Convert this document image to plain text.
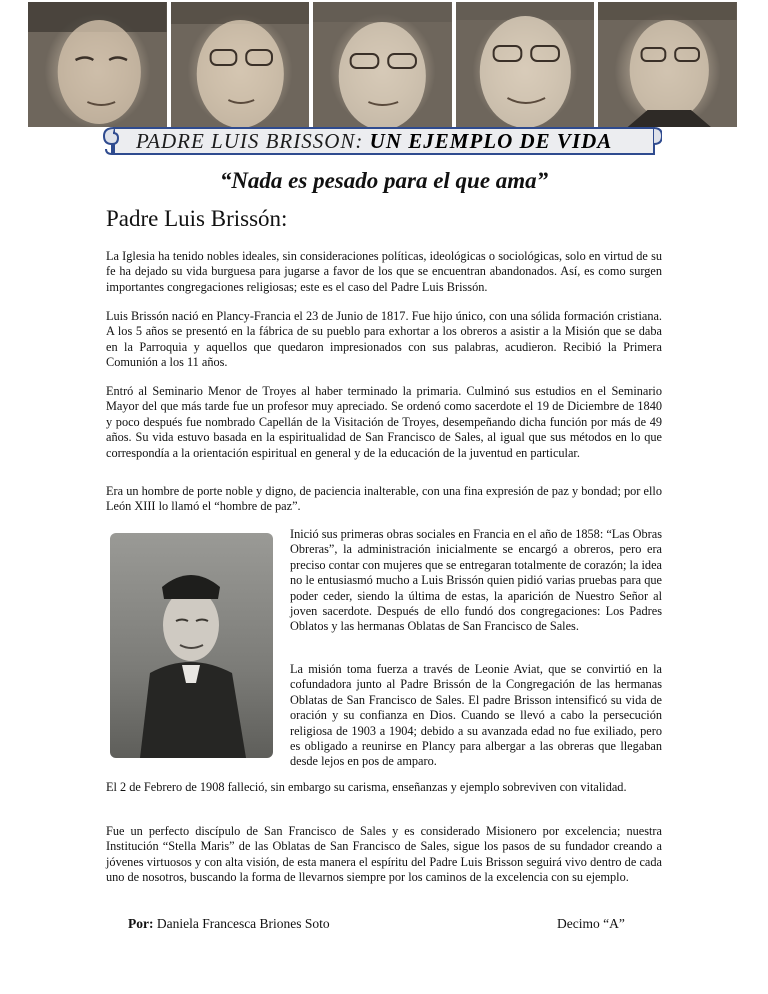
PADRE LUIS BRISSON: UN EJEMPLO DE VIDA
“Nada es pesado para el que ama”
Padre Luis Brissón:

La Iglesia ha tenido nobles ideales, sin consideraciones políticas, ideológicas o sociológicas, solo en virtud de su fe ha dejado su vida burguesa para jugarse a favor de los que se encuentran abandonados. Así, es como surgen importantes congregaciones religiosas; este es el caso del Padre Luis Brissón.

Luis Brissón nació en Plancy-Francia el 23 de Junio de 1817. Fue hijo único, con una sólida formación cristiana. A los 5 años se presentó en la fábrica de su pueblo para exhortar a los obreros a asistir a la Misión que se daba en la Parroquia y aquellos que quedaron impresionados con sus palabras, acudieron. Recibió la Primera Comunión a los 11 años.

Entró al Seminario Menor de Troyes al haber terminado la primaria. Culminó sus estudios en el Seminario Mayor del que más tarde fue un profesor muy apreciado. Se ordenó como sacerdote el 19 de Diciembre de 1840 y poco después fue nombrado Capellán de la Visitación de Troyes, desempeñando dicha función por más de 49 años. Su vida estuvo basada en la espiritualidad de San Francisco de Sales, al igual que sus métodos en lo que correspondía a la orientación espiritual en general y de la educación de la juventud en particular.

Era un hombre de porte noble y digno, de paciencia inalterable, con una fina expresión de paz y bondad; por ello León XIII lo llamó el “hombre de paz”.

Inició sus primeras obras sociales en Francia en el año de 1858: “Las Obras Obreras”, la administración inicialmente se encargó a obreros, pero era preciso contar con mujeres que se entregaran totalmente de corazón; la idea no le entusiasmó mucho a Luis Brissón quien pidió varias pruebas para que poder ceder, siendo la última de estas, la aparición de Nuestro Señor al joven sacerdote. Después de ello fundó dos congregaciones: Los Padres Oblatos y las hermanas Oblatas de San Francisco de Sales.

La misión toma fuerza a través de Leonie Aviat, que se convirtió en la cofundadora junto al Padre Brissón de la Congregación de las hermanas Oblatas de San Francisco de Sales. El padre Brisson intensificó su vida de oración y su confianza en Dios. Cuando se llevó a cabo la persecución religiosa de 1903 a 1904; debido a su avanzada edad no fue exiliado, pero es obligado a reunirse en Plancy para albergar a las obreras que llegaban desde lejos en pos de amparo.

El 2 de Febrero de 1908 falleció, sin embargo su carisma, enseñanzas y ejemplo sobreviven con vitalidad.

Fue un perfecto discípulo de San Francisco de Sales y es considerado Misionero por excelencia; nuestra Institución “Stella Maris” de las Oblatas de San Francisco de Sales, sigue los pasos de su fundador creando a jóvenes virtuosos y con alta visión, de esta manera el espíritu del Padre Luis Brisson seguirá vivo dentro de cada uno de nosotros, buscando la forma de llevarnos siempre por los caminos de la excelencia con su ejemplo.

Por: Daniela Francesca Briones Soto	Decimo “A”
